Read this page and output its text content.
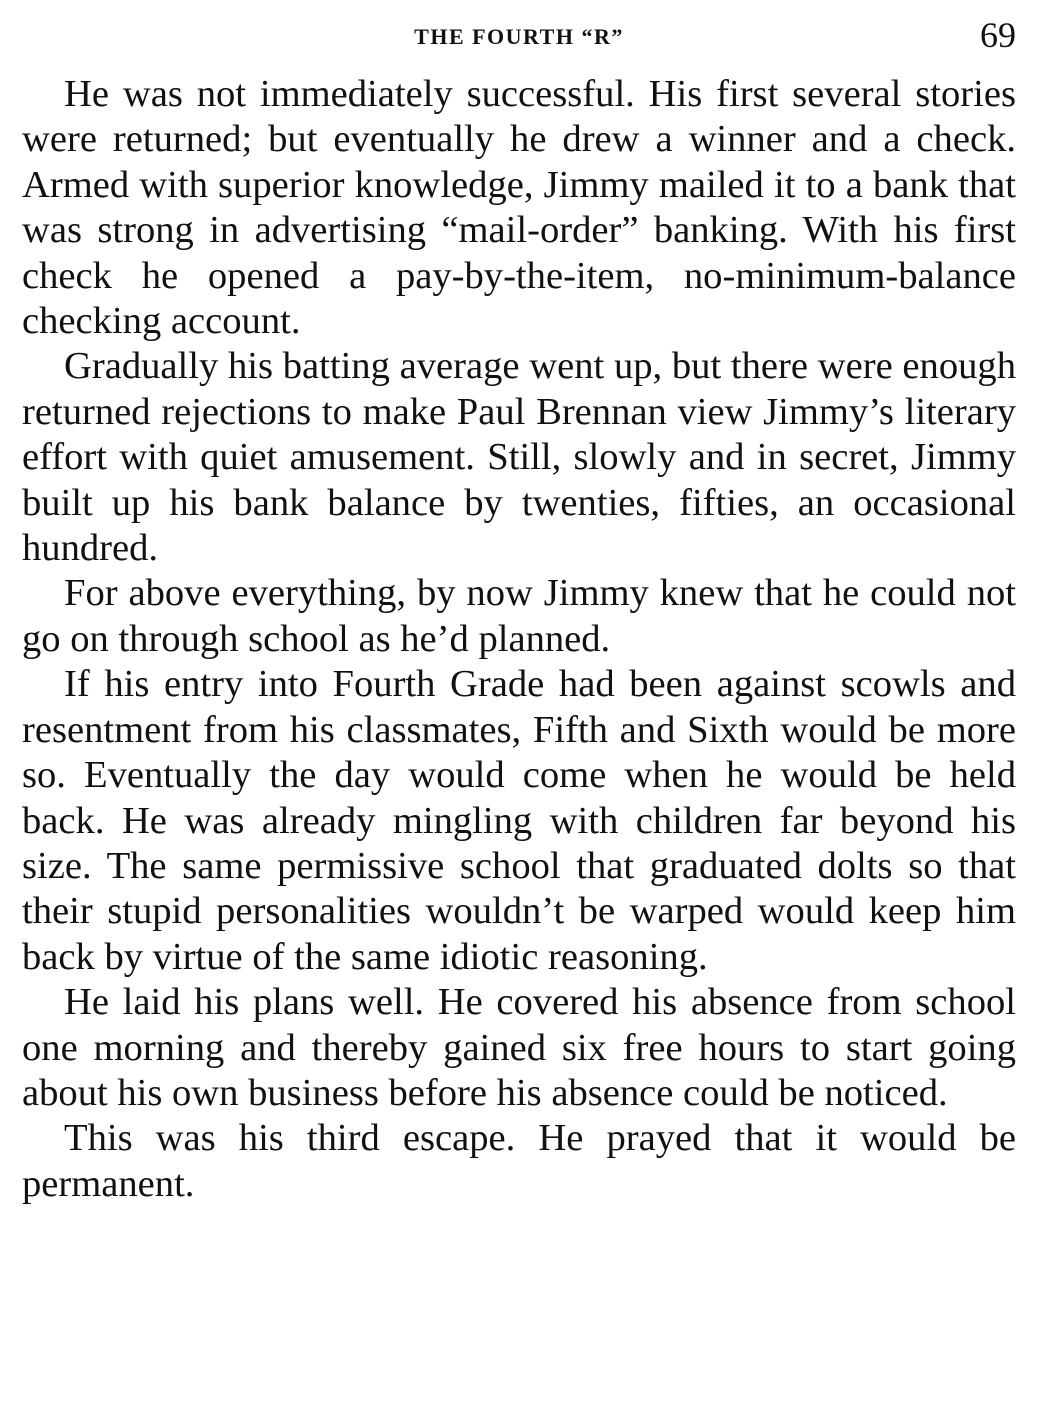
THE FOURTH “R”	69

He was not immediately successful. His first several stories were returned; but eventually he drew a winner and a check. Armed with superior knowledge, Jimmy mailed it to a bank that was strong in advertising “mail-order” banking. With his first check he opened a pay-by-the-item, no-minimum-balance checking account.

Gradually his batting average went up, but there were enough returned rejections to make Paul Brennan view Jimmy’s literary effort with quiet amusement. Still, slowly and in secret, Jimmy built up his bank balance by twenties, fifties, an occasional hundred.

For above everything, by now Jimmy knew that he could not go on through school as he’d planned.

If his entry into Fourth Grade had been against scowls and resentment from his classmates, Fifth and Sixth would be more so. Eventually the day would come when he would be held back. He was already mingling with children far beyond his size. The same permissive school that graduated dolts so that their stupid personalities wouldn’t be warped would keep him back by virtue of the same idiotic reasoning.

He laid his plans well. He covered his absence from school one morning and thereby gained six free hours to start going about his own business before his absence could be noticed.

This was his third escape. He prayed that it would be permanent.
